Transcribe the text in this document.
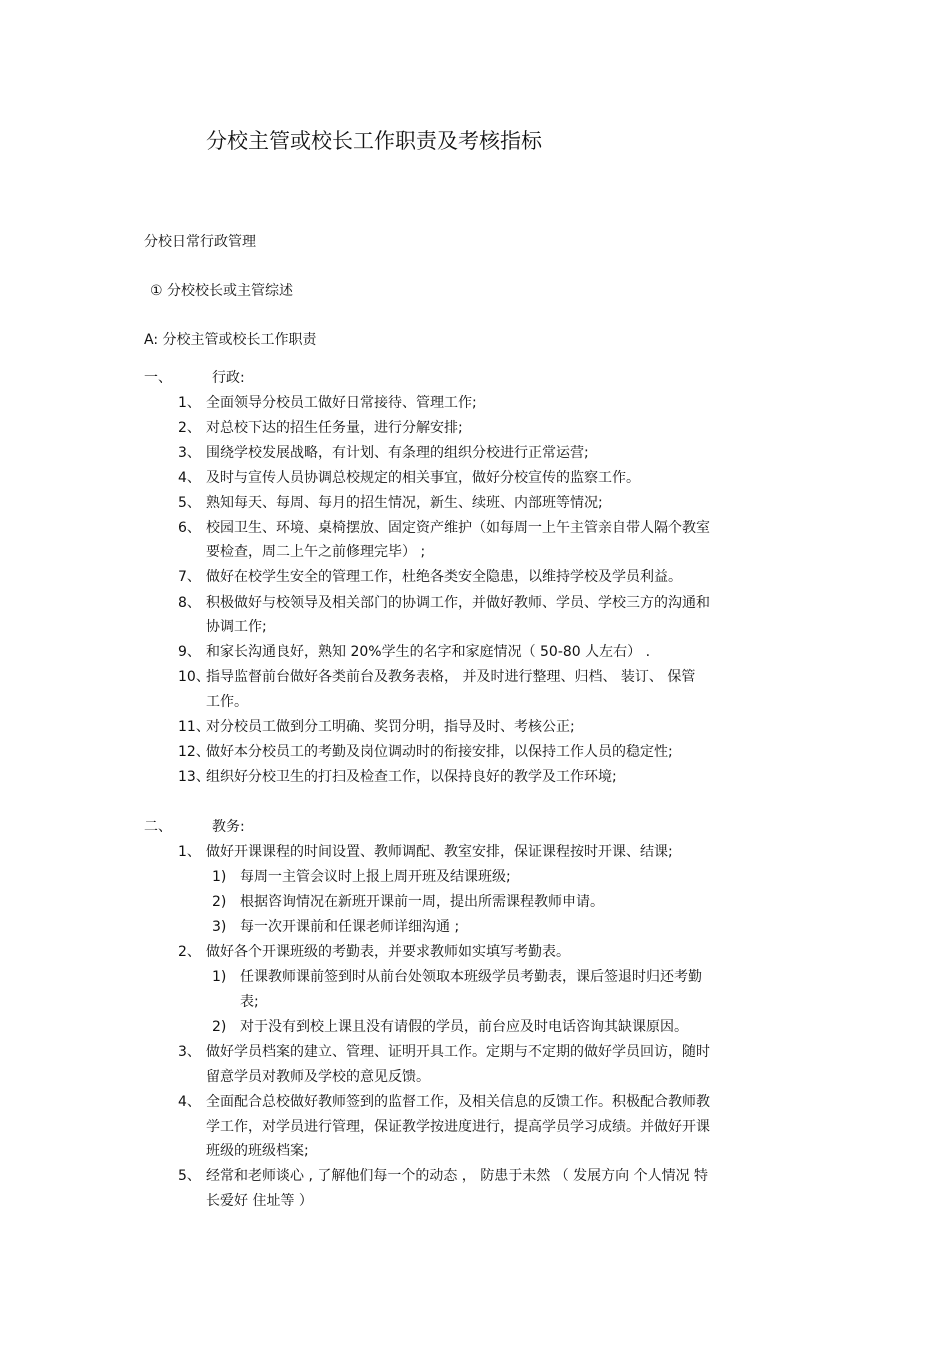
分校主管或校长工作职责及考核指标
分校日常行政管理
① 分校校长或主管综述
A: 分校主管或校长工作职责
一、	行政:
1、 全面领导分校员工做好日常接待、管理工作;
2、 对总校下达的招生任务量，进行分解安排;
3、 围绕学校发展战略，有计划、有条理的组织分校进行正常运营;
4、 及时与宣传人员协调总校规定的相关事宜，做好分校宣传的监察工作。
5、 熟知每天、每周、每月的招生情况，新生、续班、内部班等情况;
6、 校园卫生、环境、桌椅摆放、固定资产维护（如每周一上午主管亲自带人隔个教室
要检查，周二上午之前修理完毕） ;
7、 做好在校学生安全的管理工作，杜绝各类安全隐患，以维持学校及学员利益。
8、 积极做好与校领导及相关部门的协调工作，并做好教师、学员、学校三方的沟通和
协调工作;
9、 和家长沟通良好，熟知 20%学生的名字和家庭情况（ 50-80 人左右） .
10、
指导监督前台做好各类前台及教务表格， 并及时进行整理、归档、 装订、 保管
工作。
11、
对分校员工做到分工明确、奖罚分明，指导及时、考核公正;
12、
做好本分校员工的考勤及岗位调动时的衔接安排，以保持工作人员的稳定性;
13、
组织好分校卫生的打扫及检查工作，以保持良好的教学及工作环境;
二、	教务:
1、 做好开课课程的时间设置、教师调配、教室安排，保证课程按时开课、结课;
1) 每周一主管会议时上报上周开班及结课班级;
2) 根据咨询情况在新班开课前一周，提出所需课程教师申请。
3) 每一次开课前和任课老师详细沟通 ;
2、 做好各个开课班级的考勤表，并要求教师如实填写考勤表。
1) 任课教师课前签到时从前台处领取本班级学员考勤表，课后签退时归还考勤
表;
2) 对于没有到校上课且没有请假的学员，前台应及时电话咨询其缺课原因。
3、 做好学员档案的建立、管理、证明开具工作。定期与不定期的做好学员回访，随时
留意学员对教师及学校的意见反馈。
4、 全面配合总校做好教师签到的监督工作，及相关信息的反馈工作。积极配合教师教
学工作，对学员进行管理，保证教学按进度进行，提高学员学习成绩。并做好开课
班级的班级档案;
5、 经常和老师谈心 , 了解他们每一个的动态 ， 防患于未然 （ 发展方向 个人情况 特
长爱好 住址等 ）
